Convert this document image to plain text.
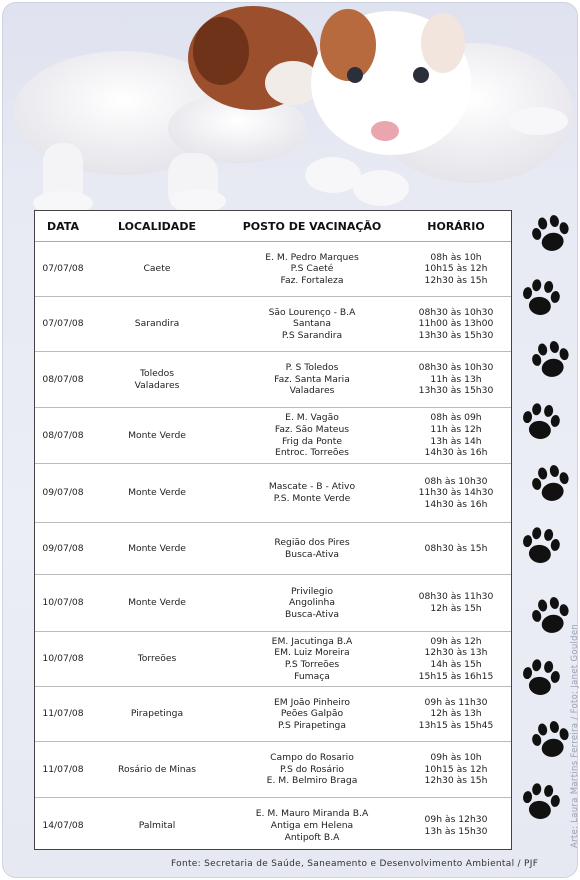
DATA	LOCALIDADE	POSTO DE VACINAÇÃO	HORÁRIO

07/07/08	Caete	E. M. Pedro Marques
P.S Caeté
Faz. Fortaleza	08h às 10h
10h15 às 12h
12h30 às 15h

07/07/08	Sarandira	São Lourenço - B.A
Santana
P.S Sarandira	08h30 às 10h30
11h00 às 13h00
13h30 às 15h30

08/07/08	Toledos
Valadares	P. S Toledos
Faz. Santa Maria
Valadares	08h30 às 10h30
11h às 13h
13h30 às 15h30

08/07/08	Monte Verde	E. M. Vagão
Faz. São Mateus
Frig da Ponte
Entroc. Torreões	08h às 09h
11h às 12h
13h às 14h
14h30 às 16h

09/07/08	Monte Verde	Mascate - B - Ativo
P.S. Monte Verde	08h às 10h30
11h30 às 14h30
14h30 às 16h

09/07/08	Monte Verde	Região dos Pires
Busca-Ativa	08h30 às 15h

10/07/08	Monte Verde	Privilegio
Angolinha
Busca-Ativa	08h30 às 11h30
12h às 15h

10/07/08	Torreões	EM. Jacutinga B.A
EM. Luiz Moreira
P.S Torreões
Fumaça	09h às 12h
12h30 às 13h
14h às 15h
15h15 às 16h15

11/07/08	Pirapetinga	EM João Pinheiro
Peões Galpão
P.S Pirapetinga	09h às 11h30
12h às 13h
13h15 às 15h45

11/07/08	Rosário de Minas	Campo do Rosario
P.S do Rosário
E. M. Belmiro Braga	09h às 10h
10h15 às 12h
12h30 às 15h

14/07/08	Palmital	E. M. Mauro Miranda B.A
Antiga em Helena
Antipoft B.A	09h às 12h30
13h às 15h30
Fonte: Secretaria de Saúde, Saneamento e Desenvolvimento Ambiental / PJF
Arte: Laura Martins Ferreira / Foto: Janet Goulden
